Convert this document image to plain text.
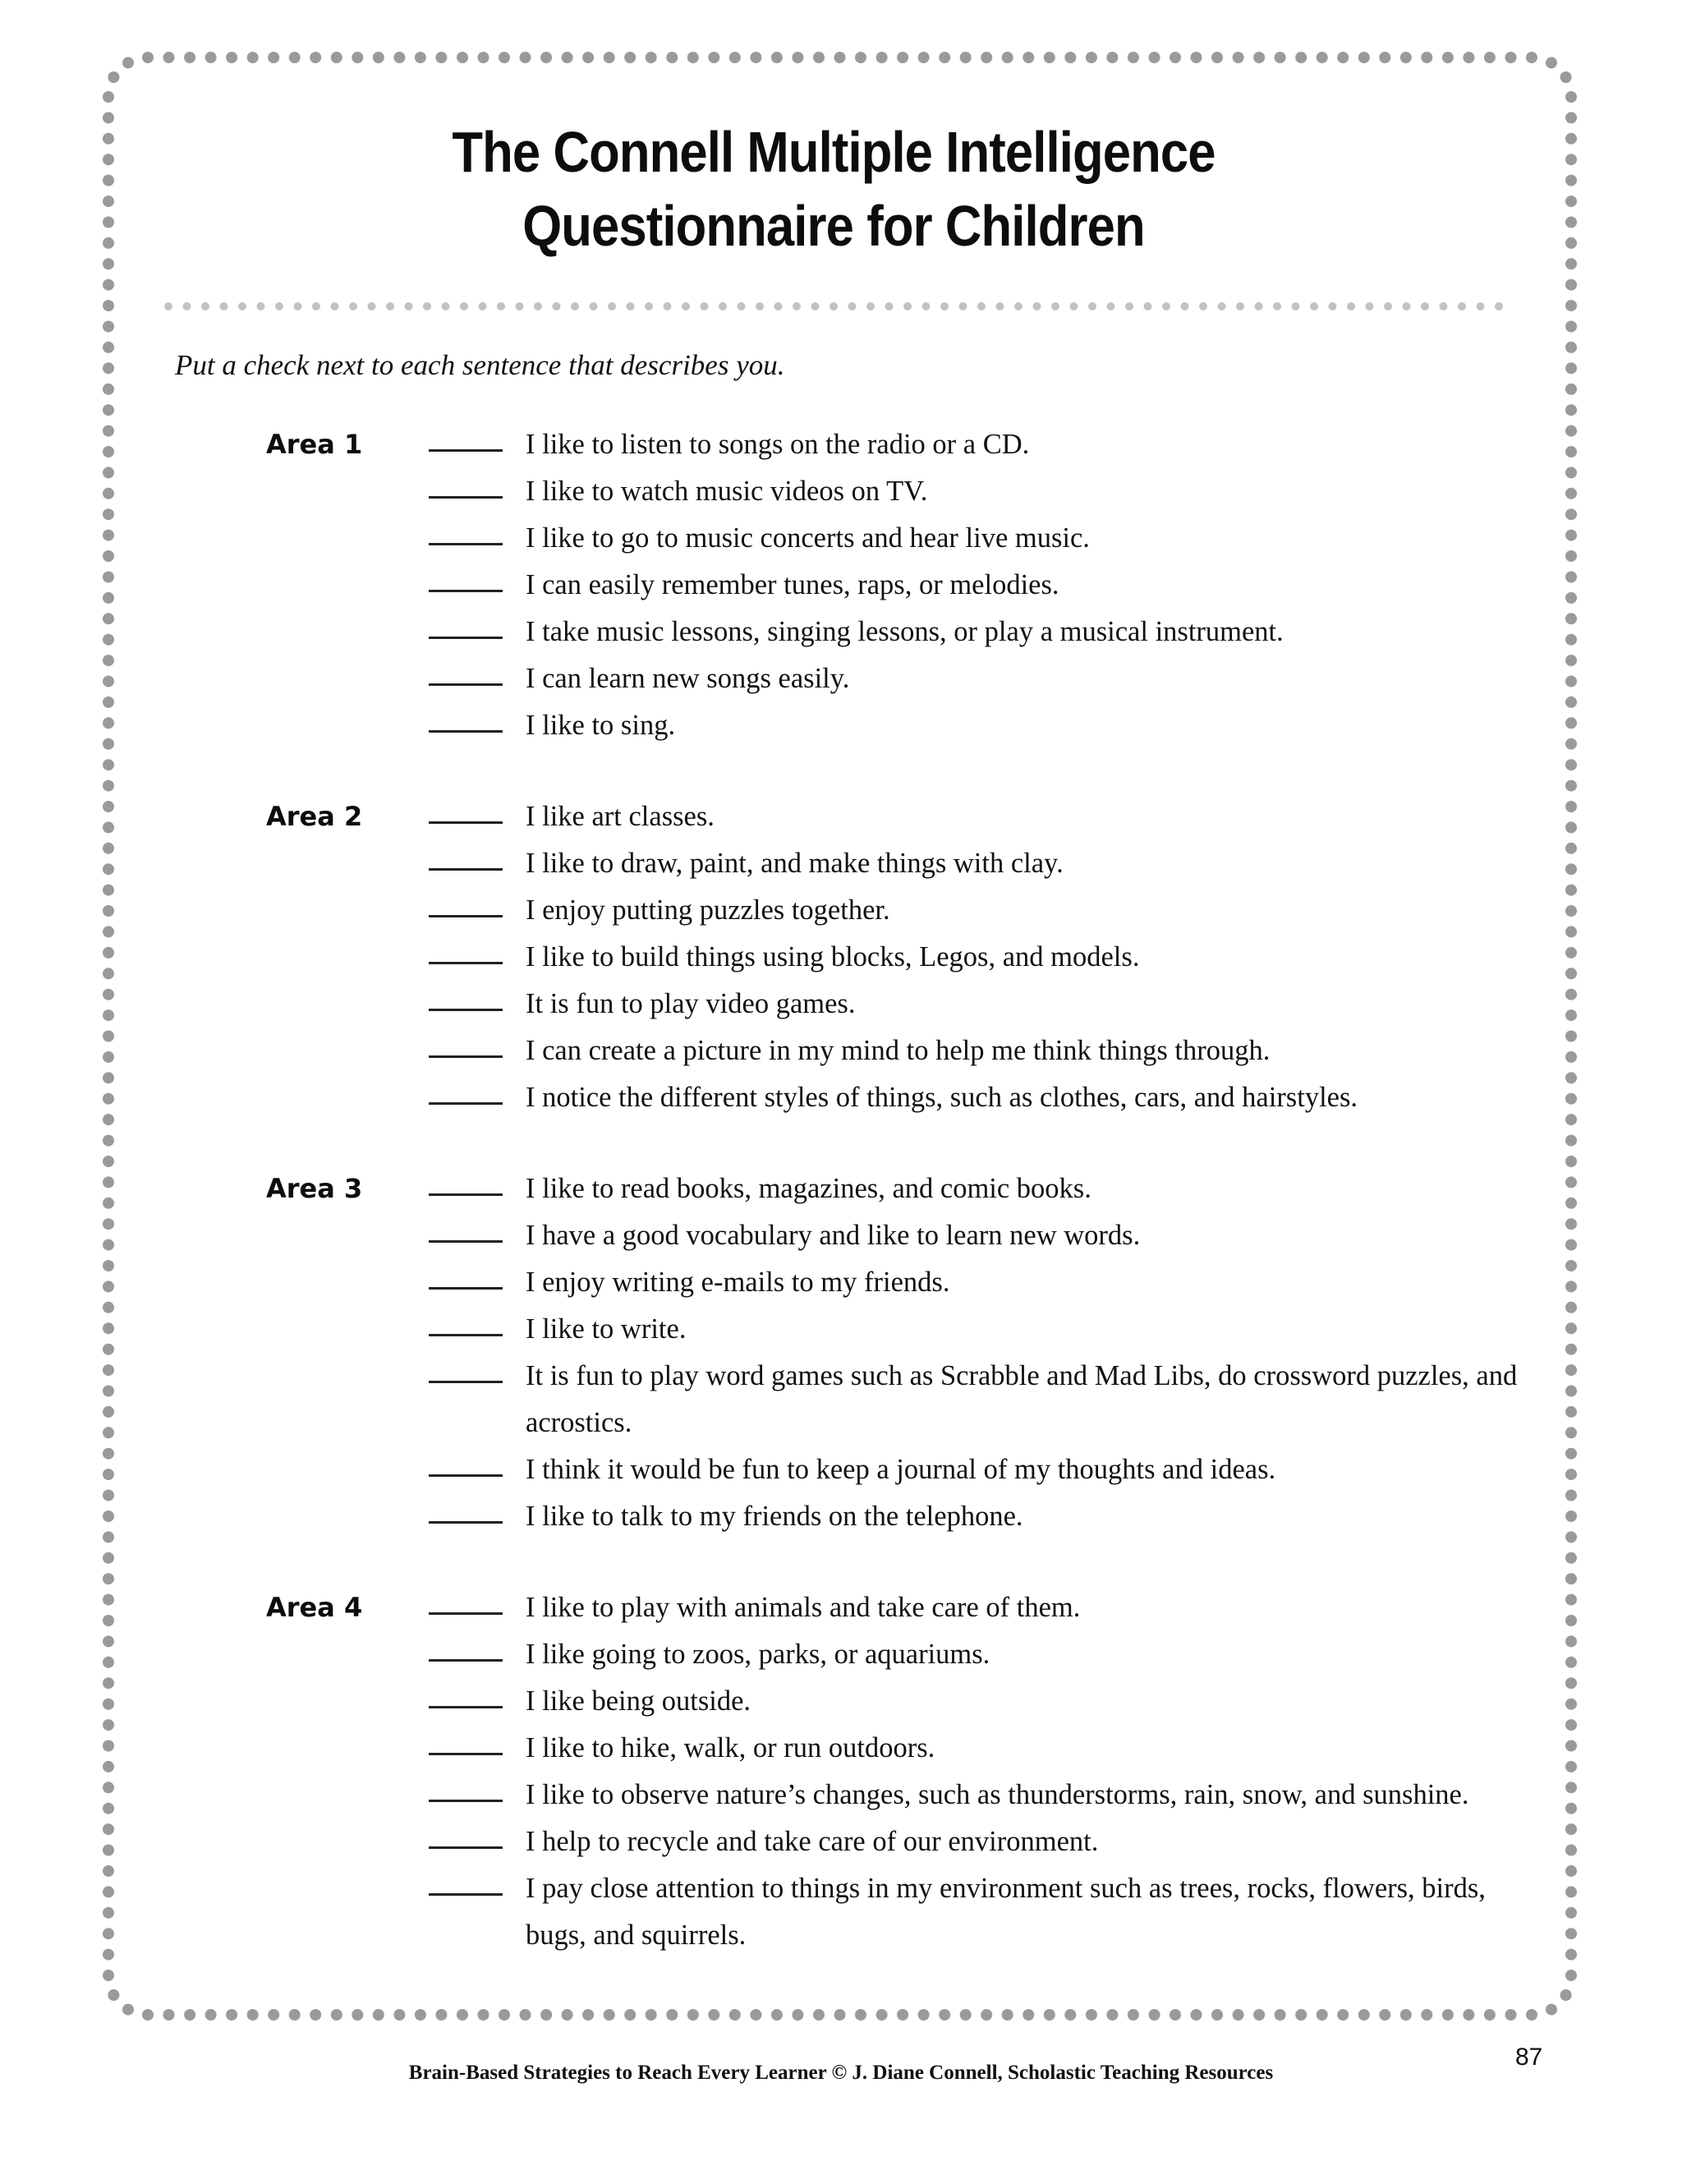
The Connell Multiple Intelligence
Questionnaire for Children
Put a check next to each sentence that describes you.
Area 1	I like to listen to songs on the radio or a CD.
I like to watch music videos on TV.
I like to go to music concerts and hear live music.
I can easily remember tunes, raps, or melodies.
I take music lessons, singing lessons, or play a musical instrument.
I can learn new songs easily.
I like to sing.
Area 2	I like art classes.
I like to draw, paint, and make things with clay.
I enjoy putting puzzles together.
I like to build things using blocks, Legos, and models.
It is fun to play video games.
I can create a picture in my mind to help me think things through.
I notice the different styles of things, such as clothes, cars, and hairstyles.
Area 3	I like to read books, magazines, and comic books.
I have a good vocabulary and like to learn new words.
I enjoy writing e-mails to my friends.
I like to write.
It is fun to play word games such as Scrabble and Mad Libs, do crossword puzzles, and acrostics.
I think it would be fun to keep a journal of my thoughts and ideas.
I like to talk to my friends on the telephone.
Area 4	I like to play with animals and take care of them.
I like going to zoos, parks, or aquariums.
I like being outside.
I like to hike, walk, or run outdoors.
I like to observe nature’s changes, such as thunderstorms, rain, snow, and sunshine.
I help to recycle and take care of our environment.
I pay close attention to things in my environment such as trees, rocks, flowers, birds, bugs, and squirrels.
Brain-Based Strategies to Reach Every Learner © J. Diane Connell, Scholastic Teaching Resources
87
